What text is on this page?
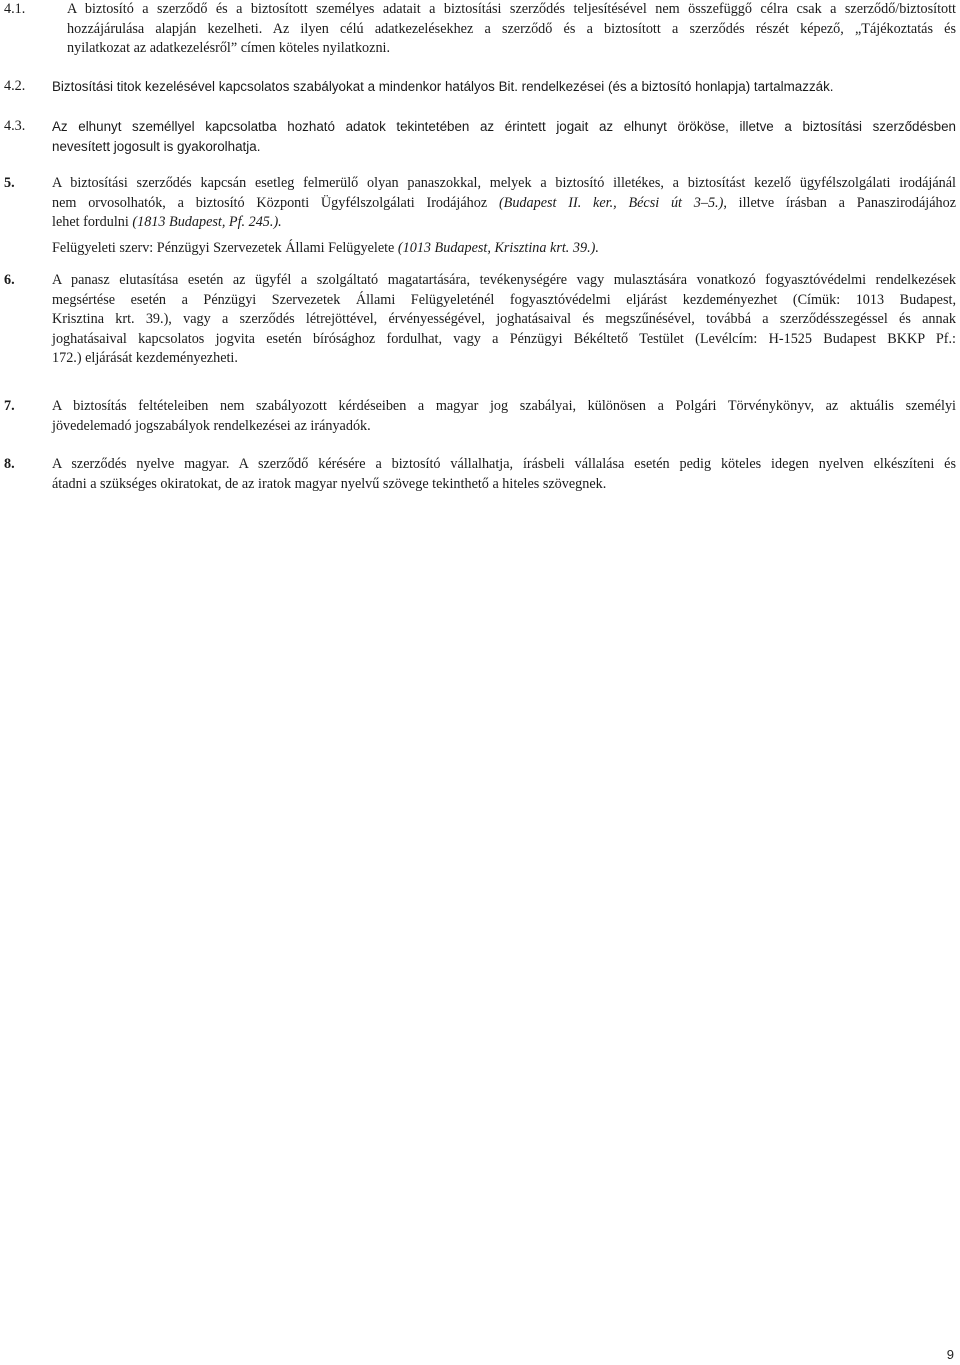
4.1.	A biztosító a szerződő és a biztosított személyes adatait a biztosítási szerződés teljesítésével nem összefüggő célra csak a szerződő/biztosított
hozzájárulása alapján kezelheti. Az ilyen célú adatkezelésekhez a szerződő és a biztosított a szerződés részét képező, „Tájékoztatás és
nyilatkozat az adatkezelésről” címen köteles nyilatkozni.
4.2.	Biztosítási titok kezelésével kapcsolatos szabályokat a mindenkor hatályos Bit. rendelkezései (és a biztosító honlapja) tartalmazzák.
4.3.	Az elhunyt személlyel kapcsolatba hozható adatok tekintetében az érintett jogait az elhunyt örököse, illetve a biztosítási szerződésben
nevesített jogosult is gyakorolhatja.
5.	A biztosítási szerződés kapcsán esetleg felmerülő olyan panaszokkal, melyek a biztosító illetékes, a biztosítást kezelő ügyfélszolgálati irodájánál
nem orvosolhatók, a biztosító Központi Ügyfélszolgálati Irodájához (Budapest II. ker., Bécsi út 3–5.), illetve írásban a Panaszirodájához
lehet fordulni (1813 Budapest, Pf. 245.).
Felügyeleti szerv: Pénzügyi Szervezetek Állami Felügyelete (1013 Budapest, Krisztina krt. 39.).
6.	A panasz elutasítása esetén az ügyfél a szolgáltató magatartására, tevékenységére vagy mulasztására vonatkozó fogyasztóvédelmi rendelkezések
megsértése esetén a Pénzügyi Szervezetek Állami Felügyeleténél fogyasztóvédelmi eljárást kezdeményezhet (Címük: 1013 Budapest,
Krisztina krt. 39.), vagy a szerződés létrejöttével, érvényességével, joghatásaival és megszűnésével, továbbá a szerződésszegéssel és annak
joghatásaival kapcsolatos jogvita esetén bírósághoz fordulhat, vagy a Pénzügyi Békéltető Testület (Levélcím: H-1525 Budapest BKKP Pf.:
172.) eljárását kezdeményezheti.
7.	A biztosítás feltételeiben nem szabályozott kérdéseiben a magyar jog szabályai, különösen a Polgári Törvénykönyv, az aktuális személyi
jövedelemadó jogszabályok rendelkezései az irányadók.
8.	A szerződés nyelve magyar. A szerződő kérésére a biztosító vállalhatja, írásbeli vállalása esetén pedig köteles idegen nyelven elkészíteni és
átadni a szükséges okiratokat, de az iratok magyar nyelvű szövege tekinthető a hiteles szövegnek.
9
